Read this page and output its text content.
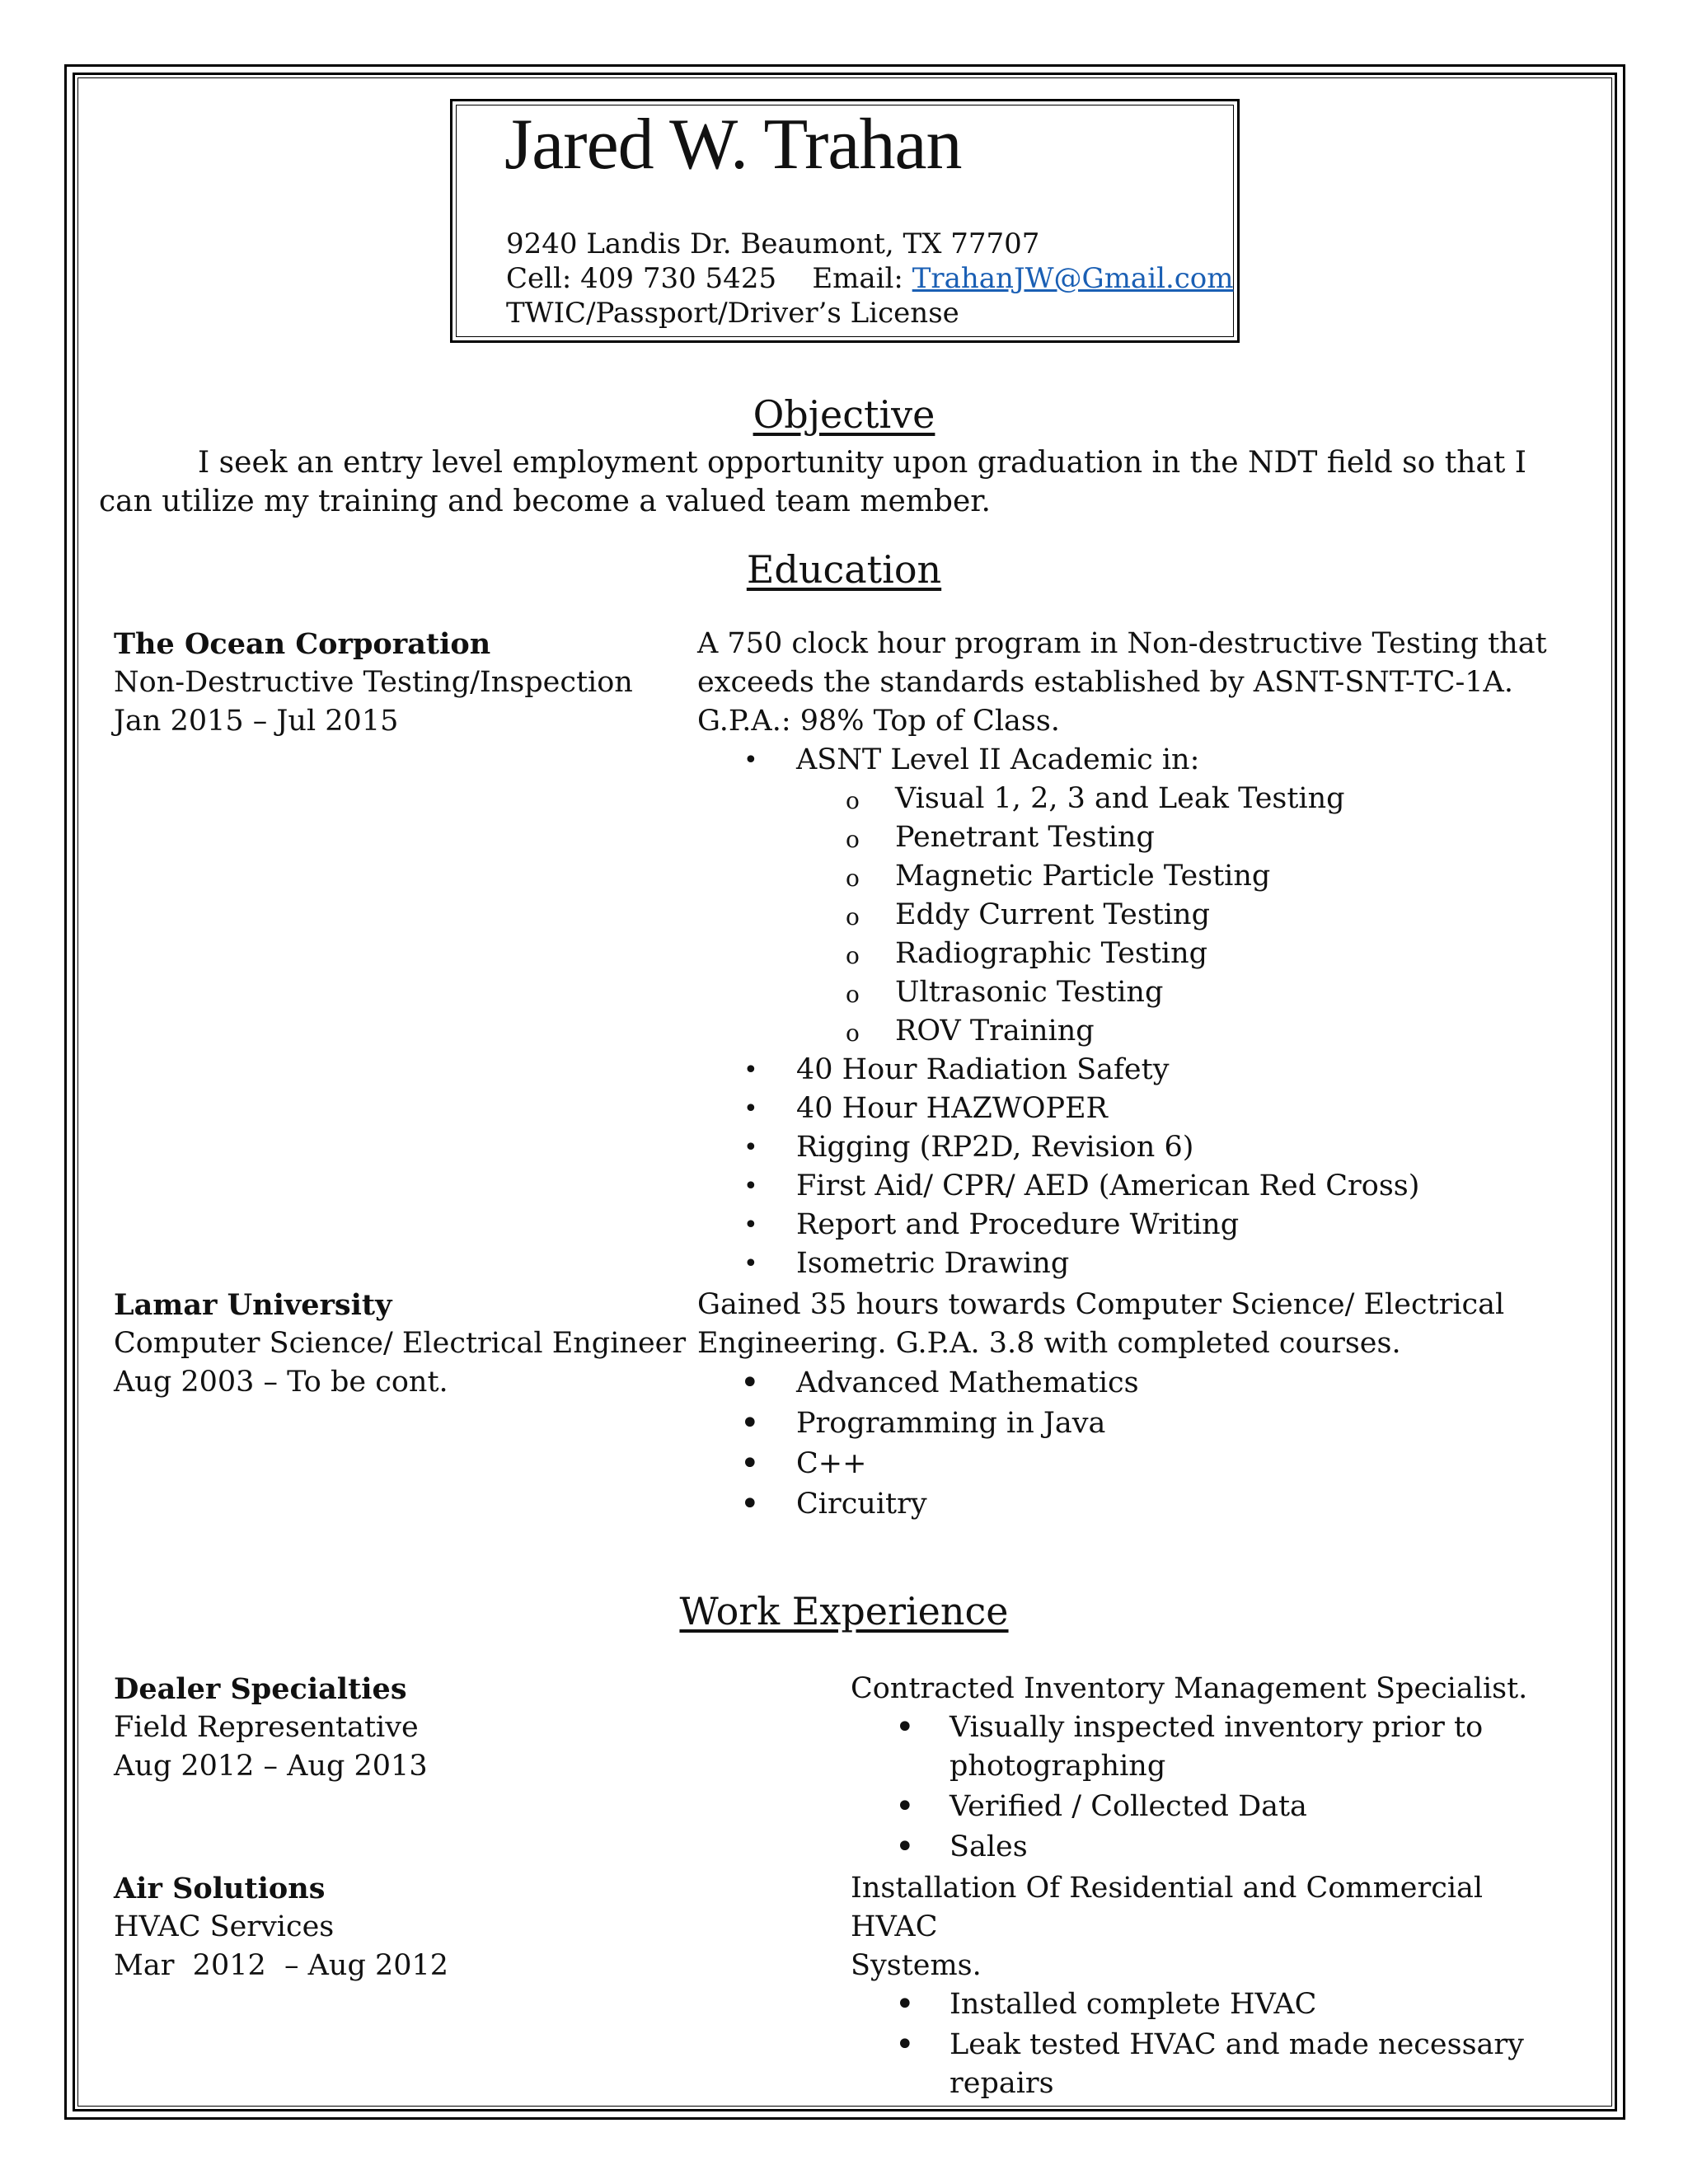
Jared W. Trahan
9240 Landis Dr. Beaumont, TX 77707
Cell: 409 730 5425 Email: TrahanJW@Gmail.com
TWIC/Passport/Driver’s License
Objective
I seek an entry level employment opportunity upon graduation in the NDT field so that I can utilize my training and become a valued team member.
Education
The Ocean Corporation
Non-Destructive Testing/Inspection
Jan 2015 – Jul 2015

A 750 clock hour program in Non-destructive Testing that

exceeds the standards established by ASNT-SNT-TC-1A.

G.P.A.: 98% Top of Class.

• ASNT Level II Academic in:
o Visual 1, 2, 3 and Leak Testing
o Penetrant Testing
o Magnetic Particle Testing
o Eddy Current Testing
o Radiographic Testing
o Ultrasonic Testing
o ROV Training
• 40 Hour Radiation Safety
• 40 Hour HAZWOPER
• Rigging (RP2D, Revision 6)
• First Aid/ CPR/ AED (American Red Cross)
• Report and Procedure Writing
• Isometric Drawing
Lamar University
Computer Science/ Electrical Engineer
Aug 2003 – To be cont.

Gained 35 hours towards Computer Science/ Electrical

Engineering. G.P.A. 3.8 with completed courses.

• Advanced Mathematics
• Programming in Java
• C++
• Circuitry
Work Experience
Dealer Specialties
Field Representative
Aug 2012 – Aug 2013

Contracted Inventory Management Specialist.

• Visually inspected inventory prior to photographing
• Verified / Collected Data
• Sales
Air Solutions
HVAC Services
Mar  2012  – Aug 2012

Installation Of Residential and Commercial HVAC

Systems.

• Installed complete HVAC
• Leak tested HVAC and made necessary repairs
